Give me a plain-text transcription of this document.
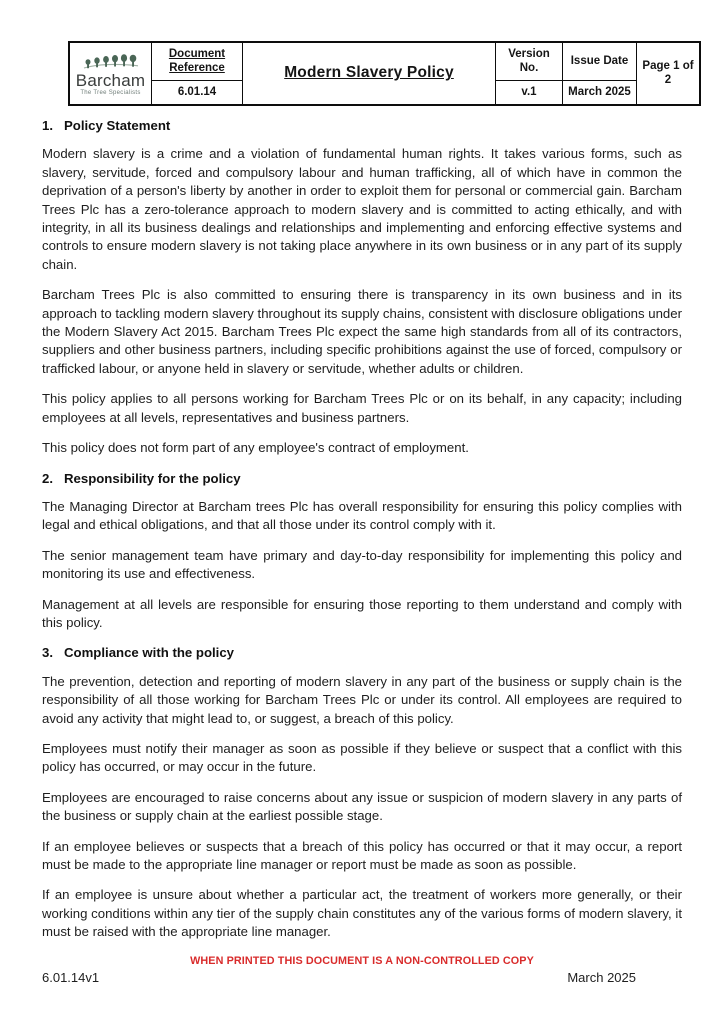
Barcham
The Tree Specialists	Document Reference	Modern Slavery Policy	Version No.	Issue Date	Page 1 of 2
	6.01.14		v.1	March 2025	
1. Policy Statement

Modern slavery is a crime and a violation of fundamental human rights. It takes various forms, such as slavery, servitude, forced and compulsory labour and human trafficking, all of which have in common the deprivation of a person's liberty by another in order to exploit them for personal or commercial gain. Barcham Trees Plc has a zero-tolerance approach to modern slavery and is committed to acting ethically, and with integrity, in all its business dealings and relationships and implementing and enforcing effective systems and controls to ensure modern slavery is not taking place anywhere in its own business or in any part of its supply chain.

Barcham Trees Plc is also committed to ensuring there is transparency in its own business and in its approach to tackling modern slavery throughout its supply chains, consistent with disclosure obligations under the Modern Slavery Act 2015. Barcham Trees Plc expect the same high standards from all of its contractors, suppliers and other business partners, including specific prohibitions against the use of forced, compulsory or trafficked labour, or anyone held in slavery or servitude, whether adults or children.

This policy applies to all persons working for Barcham Trees Plc or on its behalf, in any capacity; including employees at all levels, representatives and business partners.

This policy does not form part of any employee's contract of employment.

2. Responsibility for the policy

The Managing Director at Barcham trees Plc has overall responsibility for ensuring this policy complies with legal and ethical obligations, and that all those under its control comply with it.

The senior management team have primary and day-to-day responsibility for implementing this policy and monitoring its use and effectiveness.

Management at all levels are responsible for ensuring those reporting to them understand and comply with this policy.

3. Compliance with the policy

The prevention, detection and reporting of modern slavery in any part of the business or supply chain is the responsibility of all those working for Barcham Trees Plc or under its control. All employees are required to avoid any activity that might lead to, or suggest, a breach of this policy.

Employees must notify their manager as soon as possible if they believe or suspect that a conflict with this policy has occurred, or may occur in the future.

Employees are encouraged to raise concerns about any issue or suspicion of modern slavery in any parts of the business or supply chain at the earliest possible stage.

If an employee believes or suspects that a breach of this policy has occurred or that it may occur, a report must be made to the appropriate line manager or report must be made as soon as possible.

If an employee is unsure about whether a particular act, the treatment of workers more generally, or their working conditions within any tier of the supply chain constitutes any of the various forms of modern slavery, it must be raised with the appropriate line manager.

WHEN PRINTED THIS DOCUMENT IS A NON-CONTROLLED COPY
6.01.14v1	March 2025
